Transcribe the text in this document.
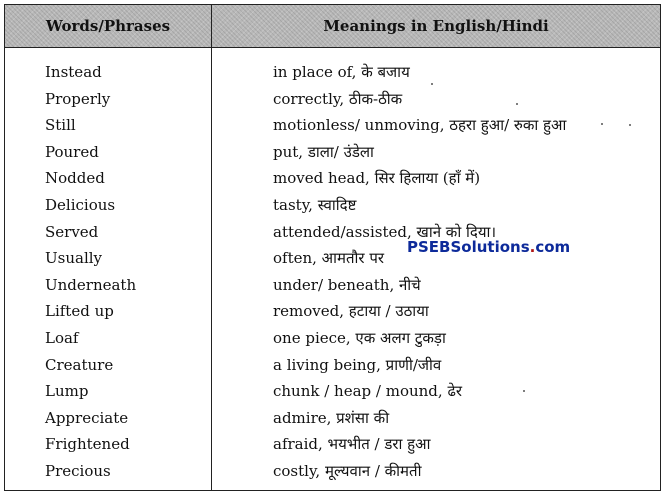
Words/Phrases	Meanings in English/Hindi
Instead	in place of, के बजाय
Properly	correctly, ठीक-ठीक
Still	motionless/ unmoving, ठहरा हुआ/ रुका हुआ
Poured	put, डाला/ उंडेला
Nodded	moved head, सिर हिलाया (हाँ में)
Delicious	tasty, स्वादिष्ट
Served	attended/assisted, खाने को दिया।
Usually	often, आमतौर पर
Underneath	under/ beneath, नीचे
Lifted up	removed, हटाया / उठाया
Loaf	one piece, एक अलग टुकड़ा
Creature	a living being, प्राणी/जीव
Lump	chunk / heap / mound, ढेर
Appreciate	admire, प्रशंसा की
Frightened	afraid, भयभीत / डरा हुआ
Precious	costly, मूल्यवान / कीमती
PSEBSolutions.com
